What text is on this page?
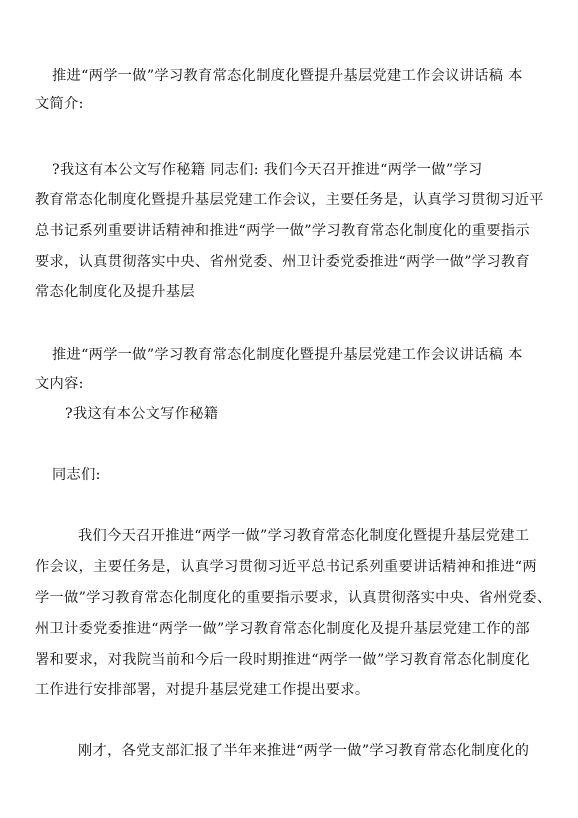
推进“两学一做”学习教育常态化制度化暨提升基层党建工作会议讲话稿 本
文简介:
?我这有本公文写作秘籍 同志们: 我们今天召开推进“两学一做”学习
教育常态化制度化暨提升基层党建工作会议，主要任务是，认真学习贯彻习近平
总书记系列重要讲话精神和推进“两学一做”学习教育常态化制度化的重要指示
要求，认真贯彻落实中央、省州党委、州卫计委党委推进“两学一做”学习教育
常态化制度化及提升基层
推进“两学一做”学习教育常态化制度化暨提升基层党建工作会议讲话稿 本
文内容:
?我这有本公文写作秘籍
同志们:
我们今天召开推进“两学一做”学习教育常态化制度化暨提升基层党建工
作会议，主要任务是，认真学习贯彻习近平总书记系列重要讲话精神和推进“两
学一做”学习教育常态化制度化的重要指示要求，认真贯彻落实中央、省州党委、
州卫计委党委推进“两学一做”学习教育常态化制度化及提升基层党建工作的部
署和要求，对我院当前和今后一段时期推进“两学一做”学习教育常态化制度化
工作进行安排部署，对提升基层党建工作提出要求。
刚才，各党支部汇报了半年来推进“两学一做”学习教育常态化制度化的
